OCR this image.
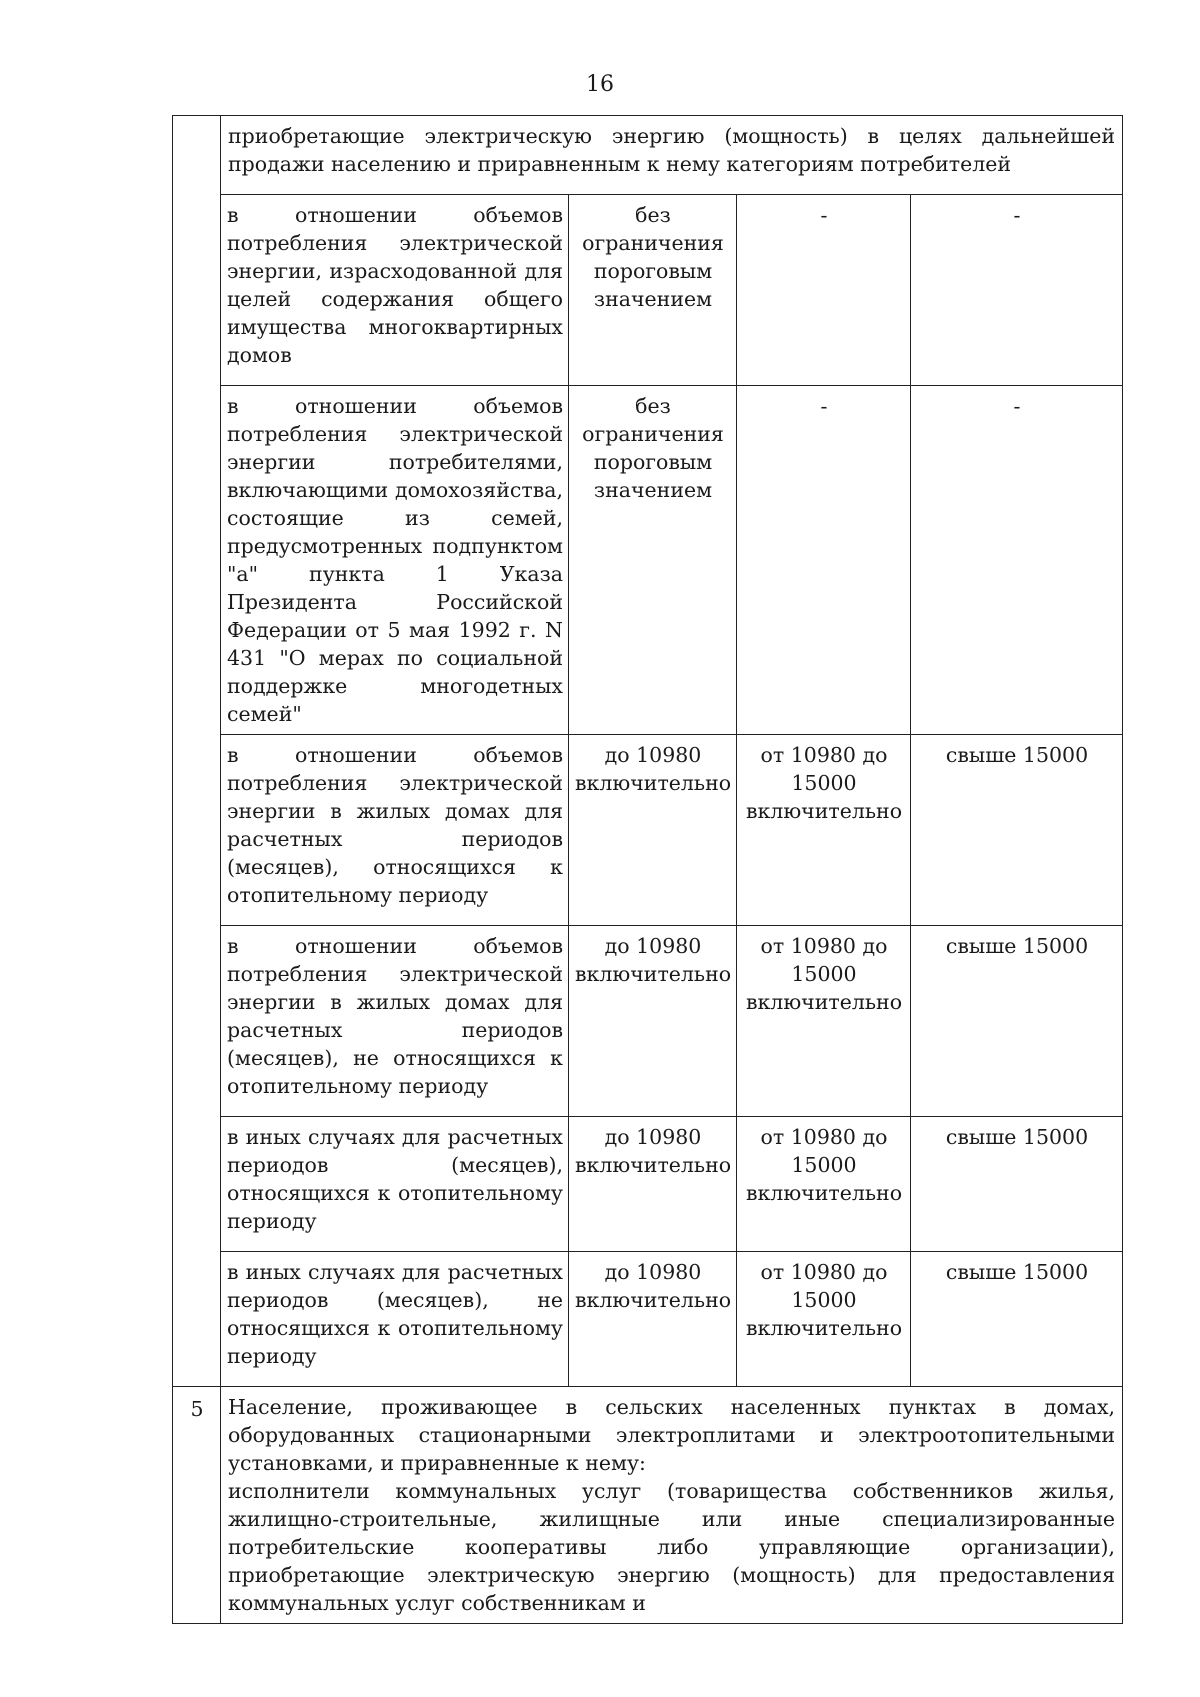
16
	приобретающие электрическую энергию (мощность) в целях дальнейшей продажи населению и приравненным к нему категориям потребителей			
	в отношении объемов потребления электрической энергии, израсходованной для целей содержания общего имущества многоквартирных домов	без ограничения пороговым значением	-	-
	в отношении объемов потребления электрической энергии потребителями, включающими домохозяйства, состоящие из семей, предусмотренных подпунктом "а" пункта 1 Указа Президента Российской Федерации от 5 мая 1992 г. N 431 "О мерах по социальной поддержке многодетных семей"	без ограничения пороговым значением	-	-
	в отношении объемов потребления электрической энергии в жилых домах для расчетных периодов (месяцев), относящихся к отопительному периоду	до 10980 включительно	от 10980 до 15000 включительно	свыше 15000
	в отношении объемов потребления электрической энергии в жилых домах для расчетных периодов (месяцев), не относящихся к отопительному периоду	до 10980 включительно	от 10980 до 15000 включительно	свыше 15000
	в иных случаях для расчетных периодов (месяцев), относящихся к отопительному периоду	до 10980 включительно	от 10980 до 15000 включительно	свыше 15000
	в иных случаях для расчетных периодов (месяцев), не относящихся к отопительному периоду	до 10980 включительно	от 10980 до 15000 включительно	свыше 15000
5	Население, проживающее в сельских населенных пунктах в домах, оборудованных стационарными электроплитами и электроотопительными установками, и приравненные к нему:
исполнители коммунальных услуг (товарищества собственников жилья, жилищно-строительные, жилищные или иные специализированные потребительские кооперативы либо управляющие организации), приобретающие электрическую энергию (мощность) для предоставления коммунальных услуг собственникам и			
